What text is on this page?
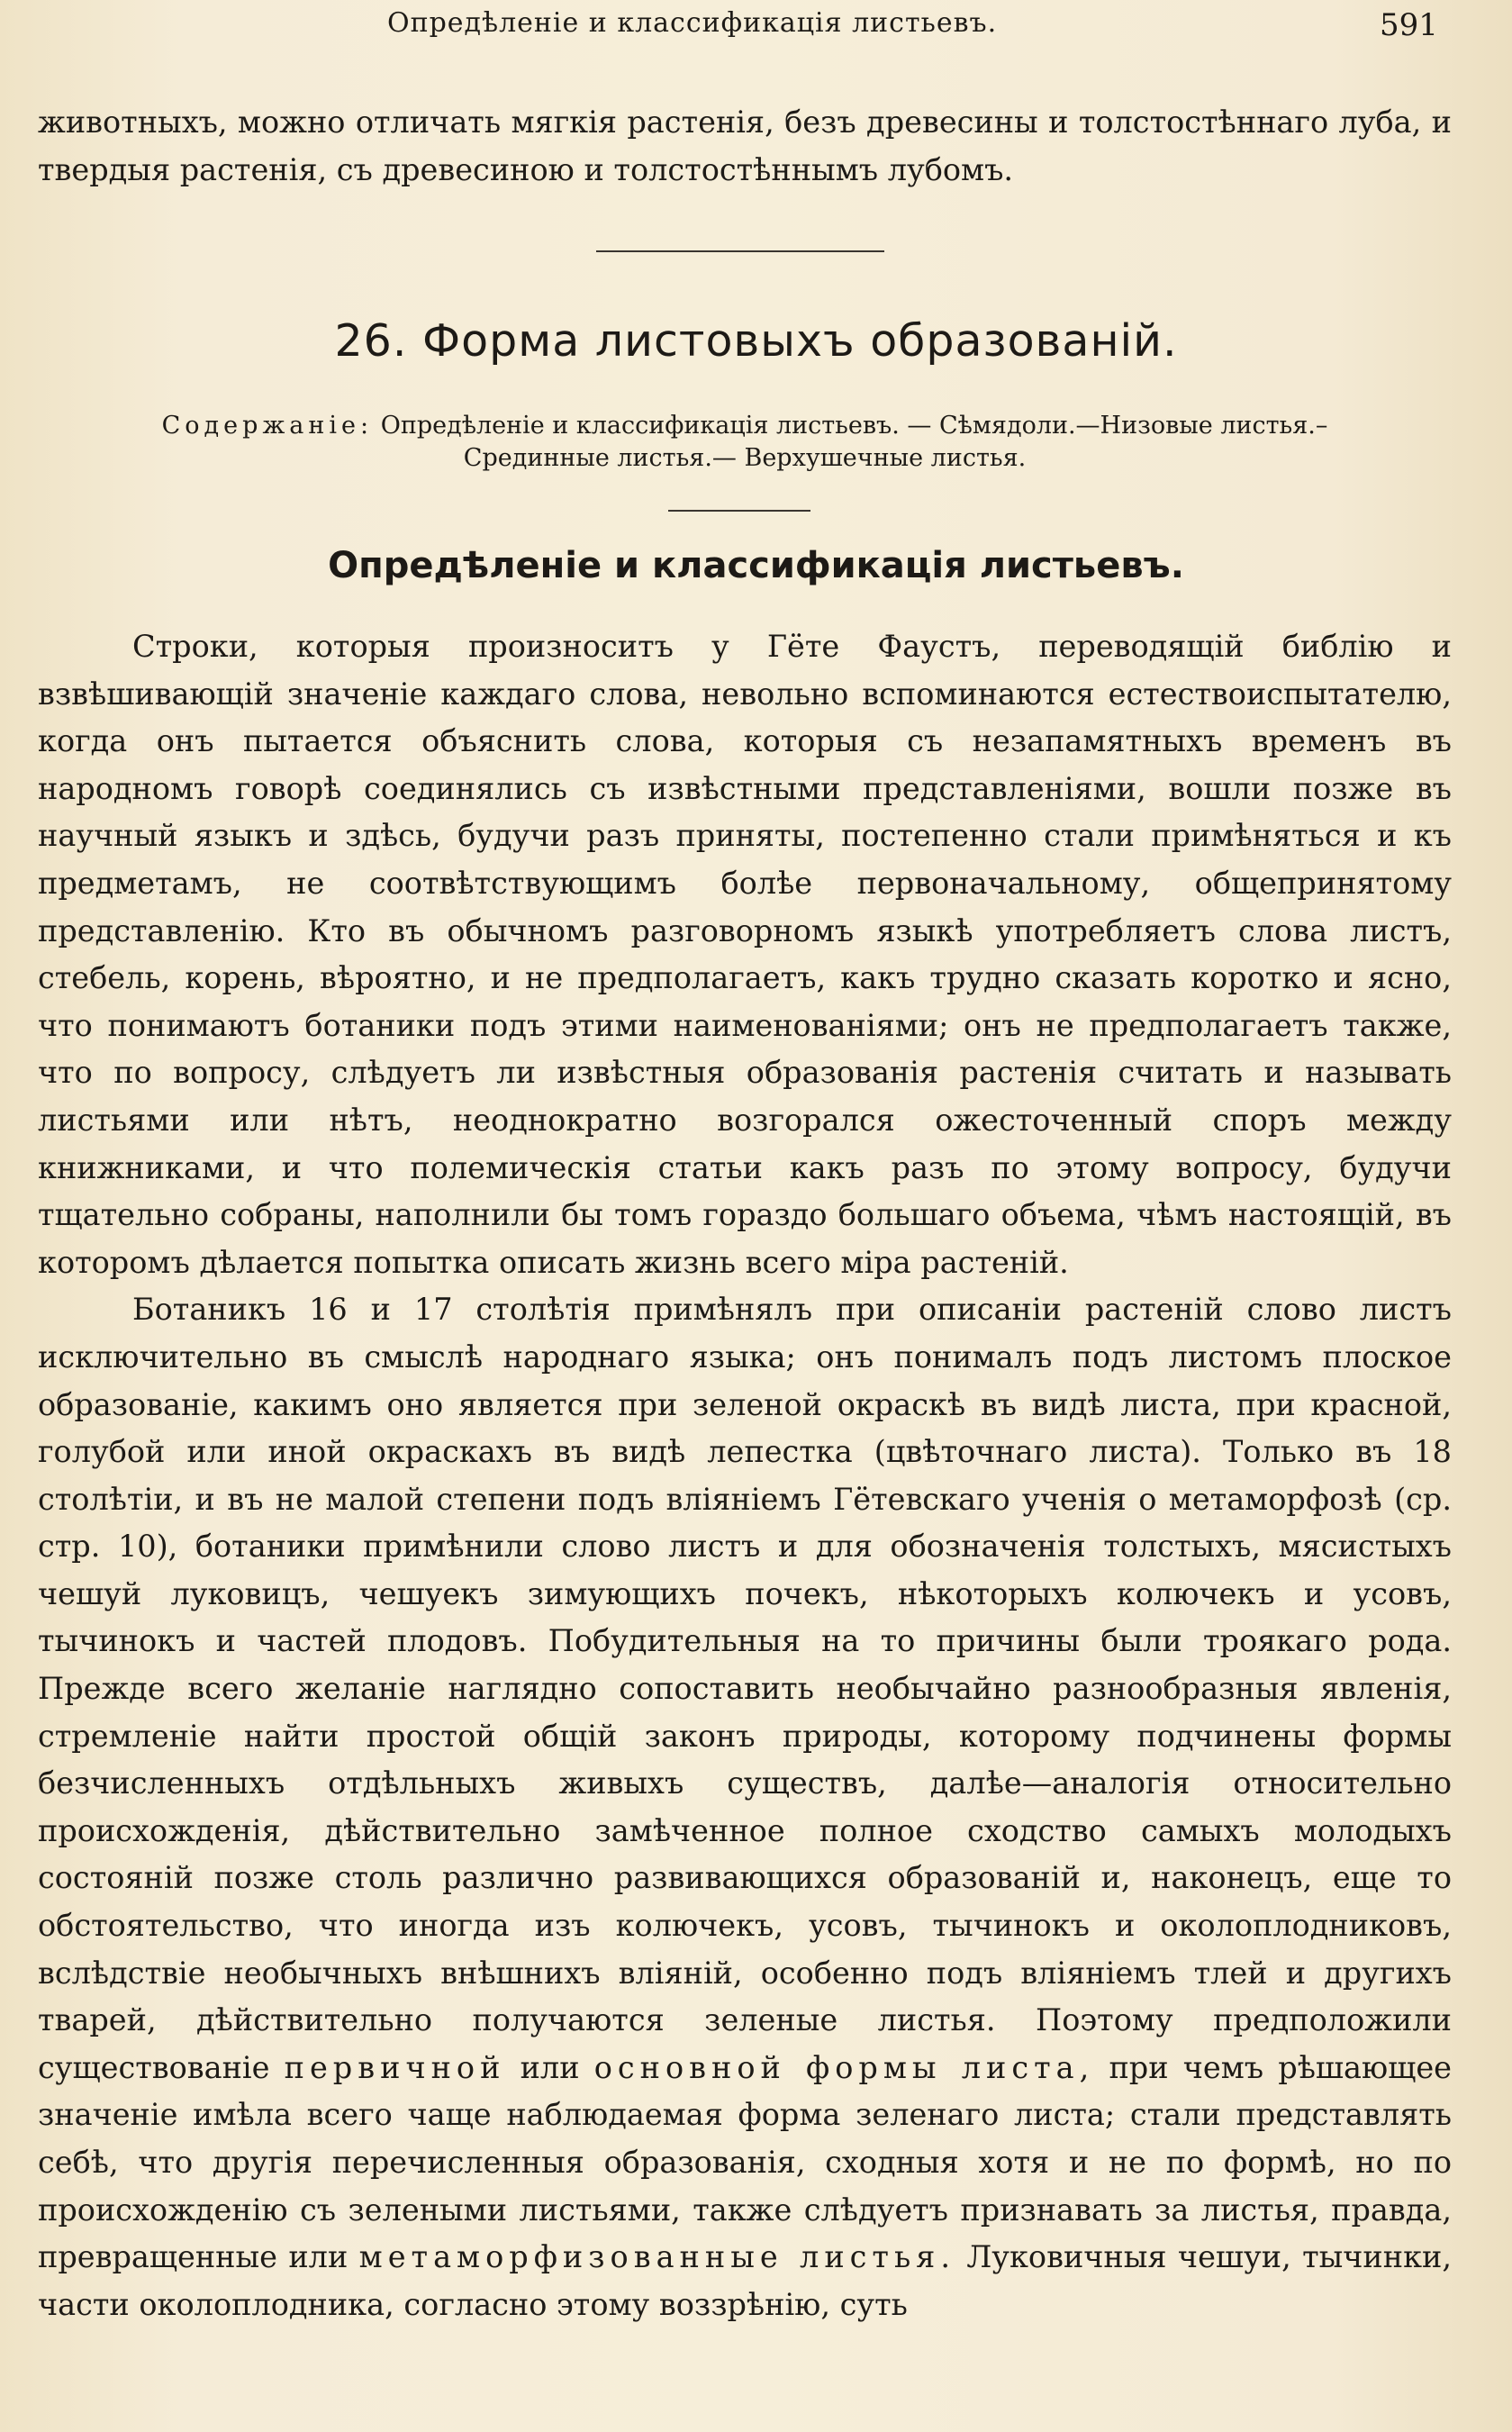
Опредѣленіе и классификація листьевъ.	591

животныхъ, можно отличать мягкія растенія, безъ древесины и толстостѣннаго луба, и твердыя растенія, съ древесиною и толстостѣннымъ лубомъ.

26. Форма листовыхъ образованій.
Содержаніе: Опредѣленіе и классификація листьевъ. — Сѣмядоли.—Низовые листья.–
Срединные листья.— Верхушечные листья.
Опредѣленіе и классификація листьевъ.

Строки, которыя произноситъ у Гёте Фаустъ, переводящій библію и взвѣшивающій значеніе каждаго слова, невольно вспоминаются естествоиспытателю, когда онъ пытается объяснить слова, которыя съ незапамятныхъ временъ въ народномъ говорѣ соединялись съ извѣстными представленіями, вошли позже въ научный языкъ и здѣсь, будучи разъ приняты, постепенно стали примѣняться и къ предметамъ, не соотвѣтствующимъ болѣе первоначальному, общепринятому представленію. Кто въ обычномъ разговорномъ языкѣ употребляетъ слова листъ, стебель, корень, вѣроятно, и не предполагаетъ, какъ трудно сказать коротко и ясно, что понимаютъ ботаники подъ этими наименованіями; онъ не предполагаетъ также, что по вопросу, слѣдуетъ ли извѣстныя образованія растенія считать и называть листьями или нѣтъ, неоднократно возгорался ожесточенный споръ между книжниками, и что полемическія статьи какъ разъ по этому вопросу, будучи тщательно собраны, наполнили бы томъ гораздо большаго объема, чѣмъ настоящій, въ которомъ дѣлается попытка описать жизнь всего міра растеній.

Ботаникъ 16 и 17 столѣтія примѣнялъ при описаніи растеній слово листъ исключительно въ смыслѣ народнаго языка; онъ понималъ подъ листомъ плоское образованіе, какимъ оно является при зеленой окраскѣ въ видѣ листа, при красной, голубой или иной окраскахъ въ видѣ лепестка (цвѣточнаго листа). Только въ 18 столѣтіи, и въ не малой степени подъ вліяніемъ Гётевскаго ученія о метаморфозѣ (ср. стр. 10), ботаники примѣнили слово листъ и для обозначенія толстыхъ, мясистыхъ чешуй луковицъ, чешуекъ зимующихъ почекъ, нѣкоторыхъ колючекъ и усовъ, тычинокъ и частей плодовъ. Побудительныя на то причины были троякаго рода. Прежде всего желаніе наглядно сопоставить необычайно разнообразныя явленія, стремленіе найти простой общій законъ природы, которому подчинены формы безчисленныхъ отдѣльныхъ живыхъ существъ, далѣе—аналогія относительно происхожденія, дѣйствительно замѣченное полное сходство самыхъ молодыхъ состояній позже столь различно развивающихся образованій и, наконецъ, еще то обстоятельство, что иногда изъ колючекъ, усовъ, тычинокъ и околоплодниковъ, вслѣдствіе необычныхъ внѣшнихъ вліяній, особенно подъ вліяніемъ тлей и другихъ тварей, дѣйствительно получаются зеленые листья. Поэтому предположили существованіе первичной или основной формы листа, при чемъ рѣшающее значеніе имѣла всего чаще наблюдаемая форма зеленаго листа; стали представлять себѣ, что другія перечисленныя образованія, сходныя хотя и не по формѣ, но по происхожденію съ зелеными листьями, также слѣдуетъ признавать за листья, правда, превращенные или метаморфизованные листья. Луковичныя чешуи, тычинки, части околоплодника, согласно этому воззрѣнію, суть
